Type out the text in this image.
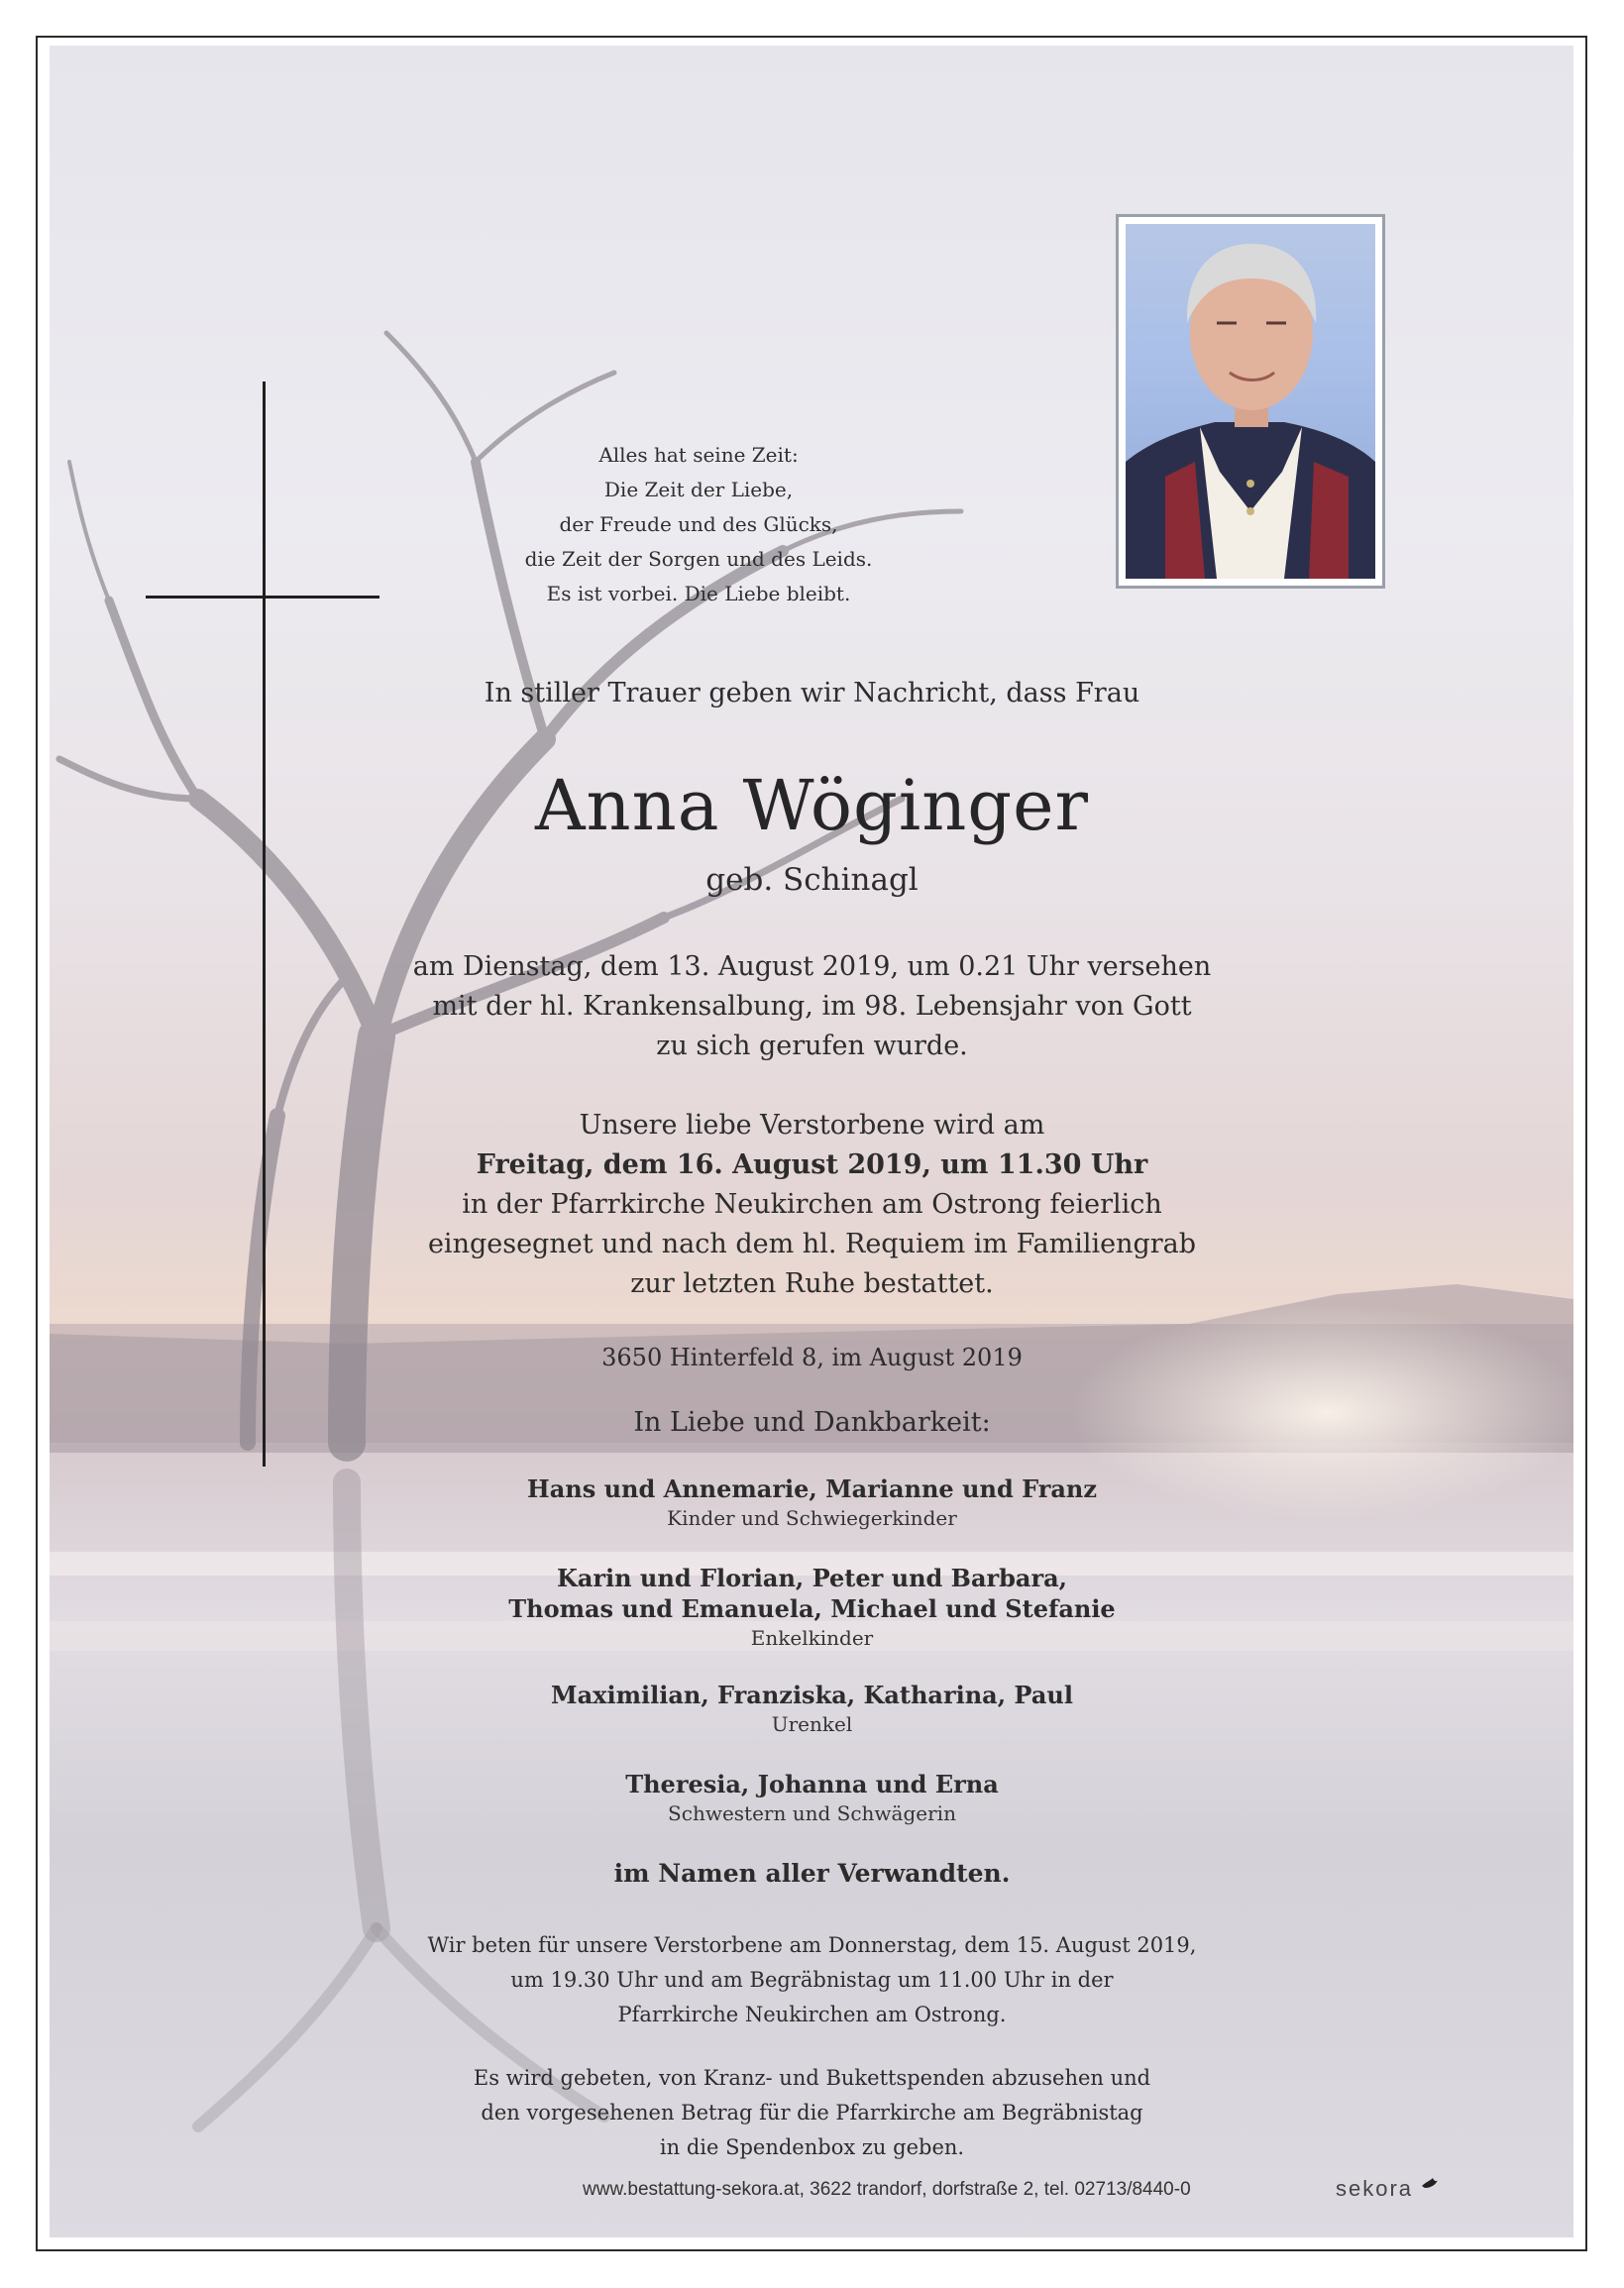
Alles hat seine Zeit:
Die Zeit der Liebe,
der Freude und des Glücks,
die Zeit der Sorgen und des Leids.
Es ist vorbei. Die Liebe bleibt.
In stiller Trauer geben wir Nachricht, dass Frau
Anna Wöginger
geb. Schinagl
am Dienstag, dem 13. August 2019, um 0.21 Uhr versehen
mit der hl. Krankensalbung, im 98. Lebensjahr von Gott
zu sich gerufen wurde.
Unsere liebe Verstorbene wird am
Freitag, dem 16. August 2019, um 11.30 Uhr
in der Pfarrkirche Neukirchen am Ostrong feierlich
eingesegnet und nach dem hl. Requiem im Familiengrab
zur letzten Ruhe bestattet.
3650 Hinterfeld 8, im August 2019
In Liebe und Dankbarkeit:
Hans und Annemarie, Marianne und Franz
Kinder und Schwiegerkinder
Karin und Florian, Peter und Barbara,
Thomas und Emanuela, Michael und Stefanie
Enkelkinder
Maximilian, Franziska, Katharina, Paul
Urenkel
Theresia, Johanna und Erna
Schwestern und Schwägerin
im Namen aller Verwandten.
Wir beten für unsere Verstorbene am Donnerstag, dem 15. August 2019,
um 19.30 Uhr und am Begräbnistag um 11.00 Uhr in der
Pfarrkirche Neukirchen am Ostrong.
Es wird gebeten, von Kranz- und Bukettspenden abzusehen und
den vorgesehenen Betrag für die Pfarrkirche am Begräbnistag
in die Spendenbox zu geben.
www.bestattung-sekora.at, 3622 trandorf, dorfstraße 2, tel. 02713/8440-0	sekora
